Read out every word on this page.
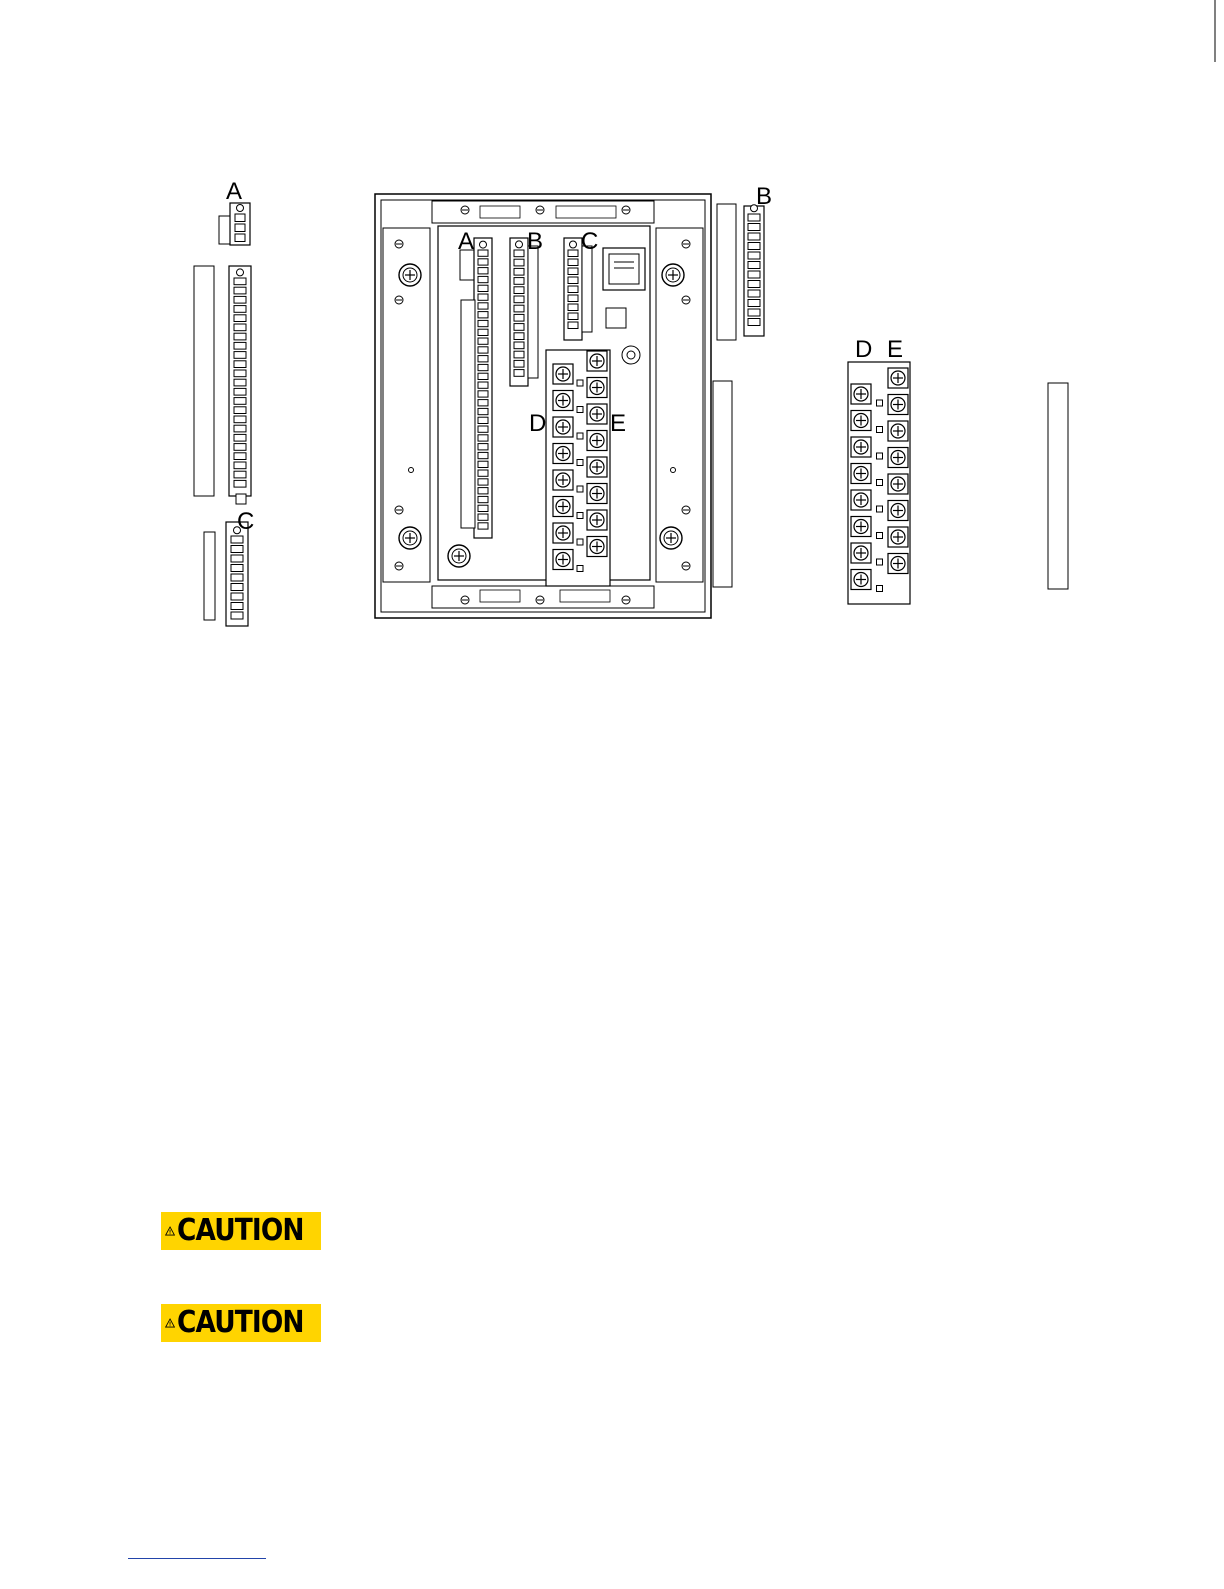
A
C
A B C
D	E
B
D E
CAUTION
CAUTION
